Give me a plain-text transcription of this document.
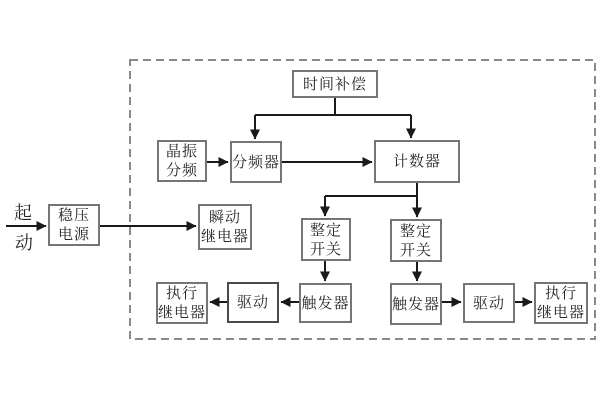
起
动
稳压
电源
时间补偿
晶振
分频 分频器	计数器
瞬动
继电器	整定
开关
整定
开关
执行
继电器
驱动 触发器	触发器 驱动
执行
继电器
